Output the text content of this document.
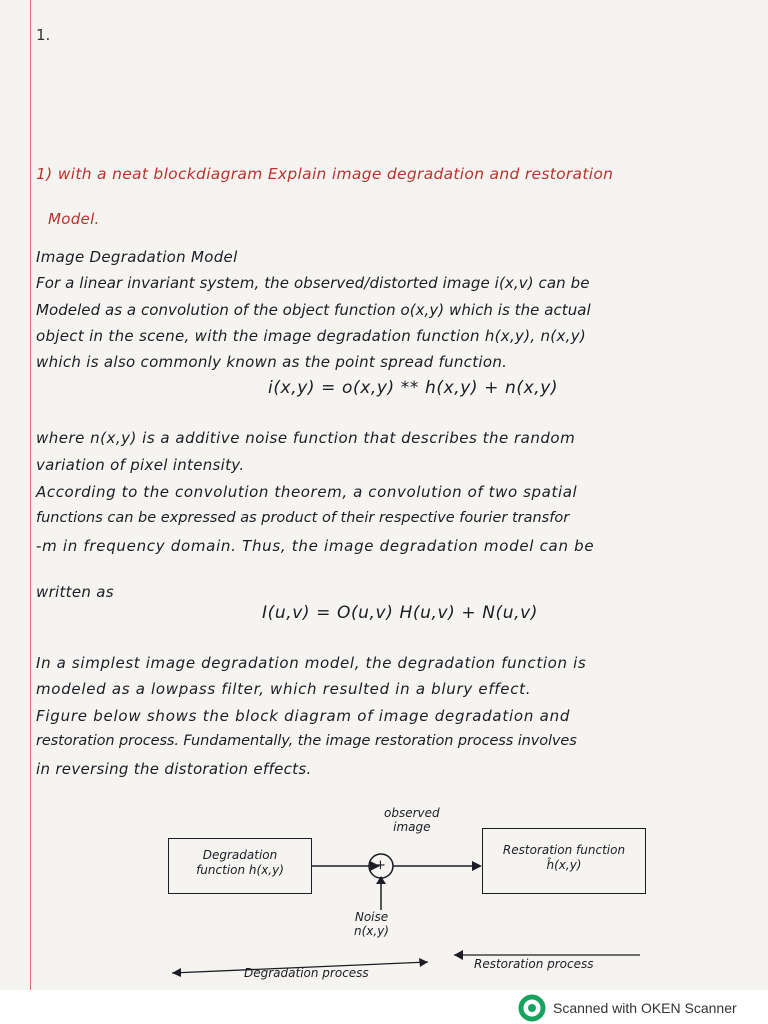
1.
1) with a neat blockdiagram Explain image degradation and restoration
Model.
Image Degradation Model
For a linear invariant system, the observed/distorted image i(x,v) can be
Modeled as a convolution of the object function o(x,y) which is the actual
object in the scene, with the image degradation function h(x,y), n(x,y)
which is also commonly known as the point spread function.
i(x,y) = o(x,y) ** h(x,y) + n(x,y)
where n(x,y) is a additive noise function that describes the random
variation of pixel intensity.
According to the convolution theorem, a convolution of two spatial
functions can be expressed as product of their respective fourier transfor
-m in frequency domain. Thus, the image degradation model can be
written as
I(u,v) = O(u,v) H(u,v) + N(u,v)
In a simplest image degradation model, the degradation function is
modeled as a lowpass filter, which resulted in a blury effect.
Figure below shows the block diagram of image degradation and
restoration process. Fundamentally, the image restoration process involves
in reversing the distoration effects.
Degradation
function h(x,y)
Restoration function
ĥ(x,y)
+
observed
image
Noise
n(x,y)
Degradation process
Restoration process
Scanned with OKEN Scanner
